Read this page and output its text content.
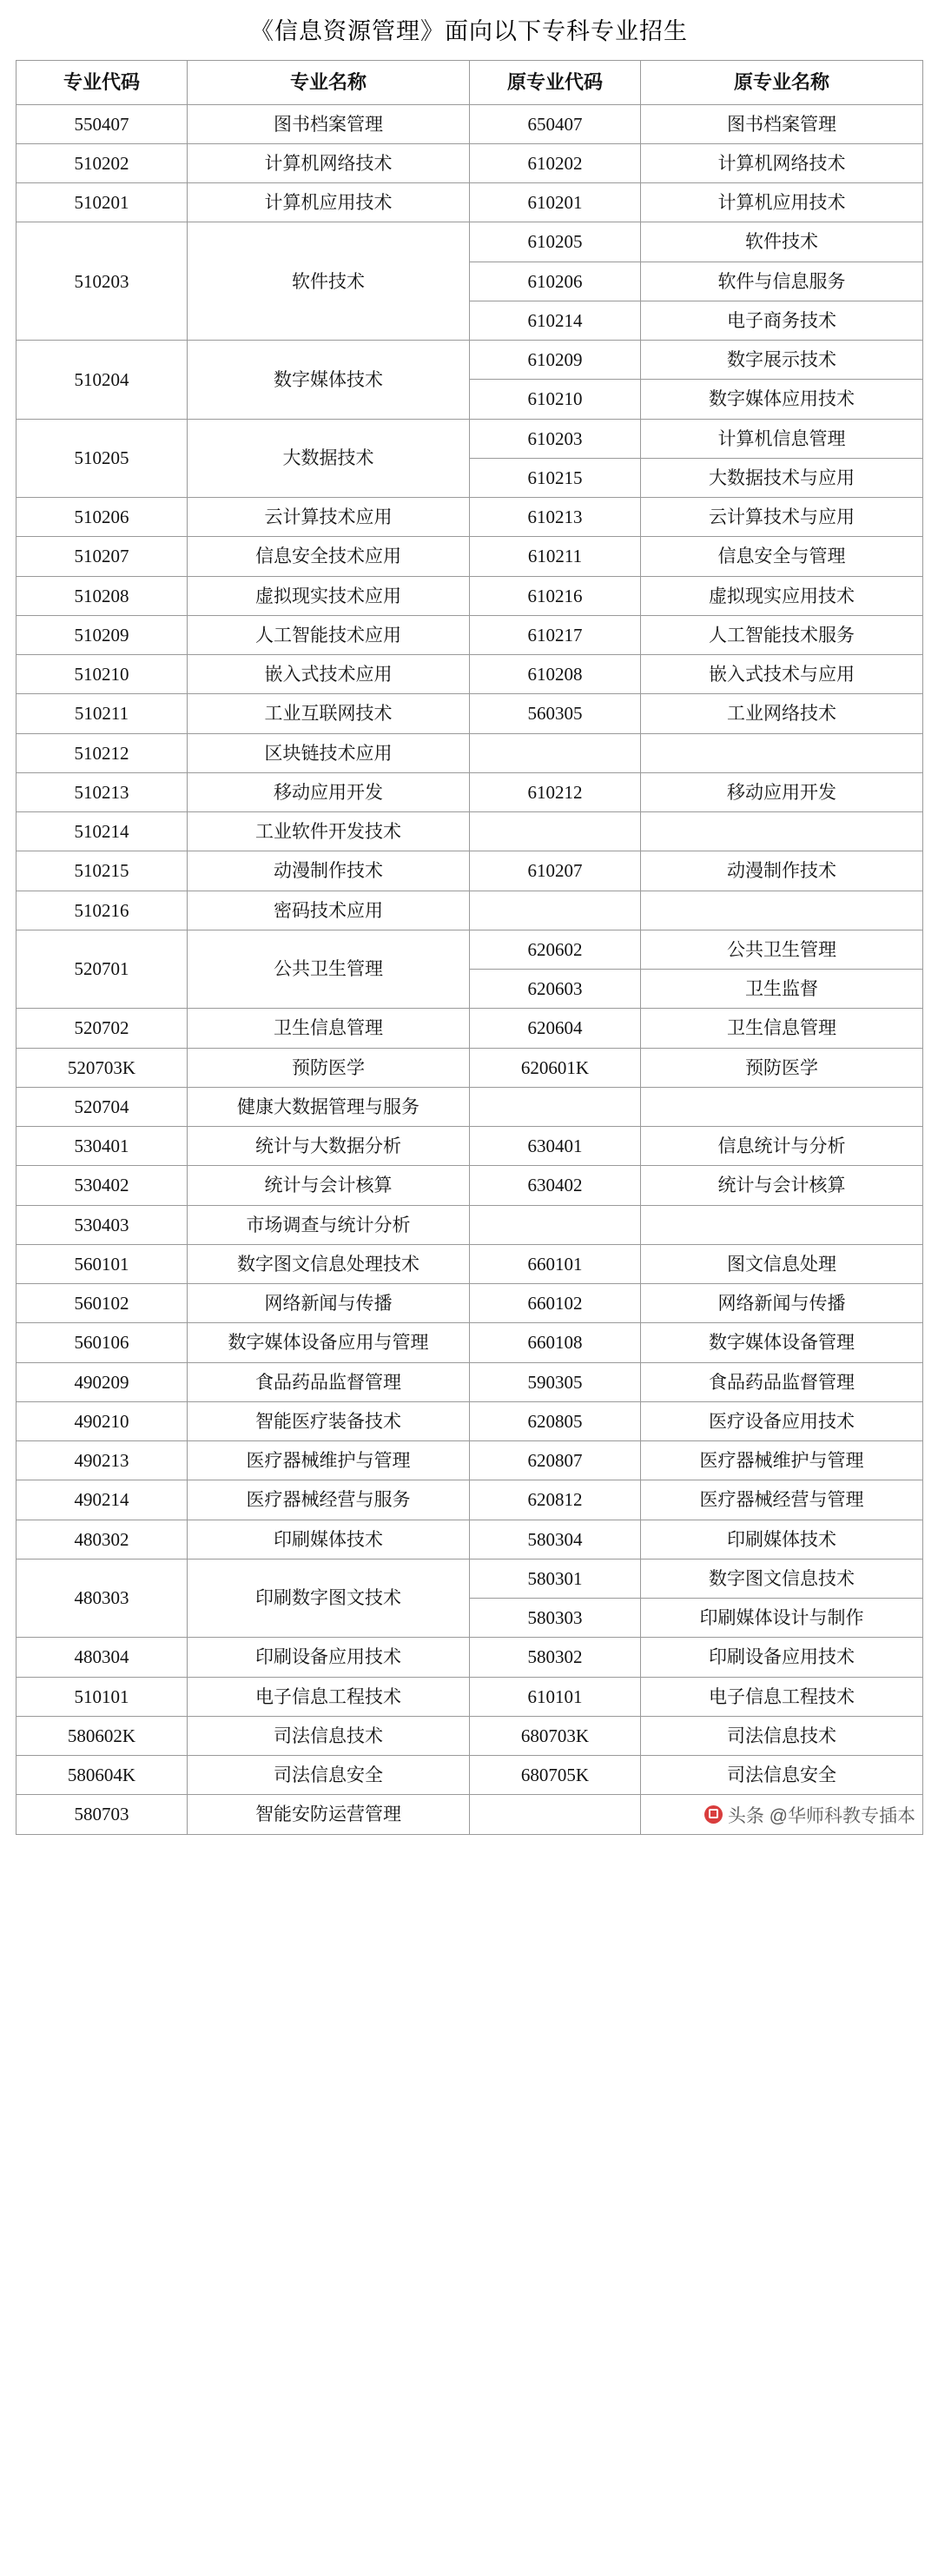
《信息资源管理》面向以下专科专业招生
专业代码	专业名称	原专业代码	原专业名称
550407	图书档案管理	650407	图书档案管理
510202	计算机网络技术	610202	计算机网络技术
510201	计算机应用技术	610201	计算机应用技术
510203	软件技术	610205	软件技术
		610206	软件与信息服务
		610214	电子商务技术
510204	数字媒体技术	610209	数字展示技术
		610210	数字媒体应用技术
510205	大数据技术	610203	计算机信息管理
		610215	大数据技术与应用
510206	云计算技术应用	610213	云计算技术与应用
510207	信息安全技术应用	610211	信息安全与管理
510208	虚拟现实技术应用	610216	虚拟现实应用技术
510209	人工智能技术应用	610217	人工智能技术服务
510210	嵌入式技术应用	610208	嵌入式技术与应用
510211	工业互联网技术	560305	工业网络技术
510212	区块链技术应用		
510213	移动应用开发	610212	移动应用开发
510214	工业软件开发技术		
510215	动漫制作技术	610207	动漫制作技术
510216	密码技术应用		
520701	公共卫生管理	620602	公共卫生管理
		620603	卫生监督
520702	卫生信息管理	620604	卫生信息管理
520703K	预防医学	620601K	预防医学
520704	健康大数据管理与服务		
530401	统计与大数据分析	630401	信息统计与分析
530402	统计与会计核算	630402	统计与会计核算
530403	市场调查与统计分析		
560101	数字图文信息处理技术	660101	图文信息处理
560102	网络新闻与传播	660102	网络新闻与传播
560106	数字媒体设备应用与管理	660108	数字媒体设备管理
490209	食品药品监督管理	590305	食品药品监督管理
490210	智能医疗装备技术	620805	医疗设备应用技术
490213	医疗器械维护与管理	620807	医疗器械维护与管理
490214	医疗器械经营与服务	620812	医疗器械经营与管理
480302	印刷媒体技术	580304	印刷媒体技术
480303	印刷数字图文技术	580301	数字图文信息技术
		580303	印刷媒体设计与制作
480304	印刷设备应用技术	580302	印刷设备应用技术
510101	电子信息工程技术	610101	电子信息工程技术
580602K	司法信息技术	680703K	司法信息技术
580604K	司法信息安全	680705K	司法信息安全
580703	智能安防运营管理			头条 @华师科教专插本
